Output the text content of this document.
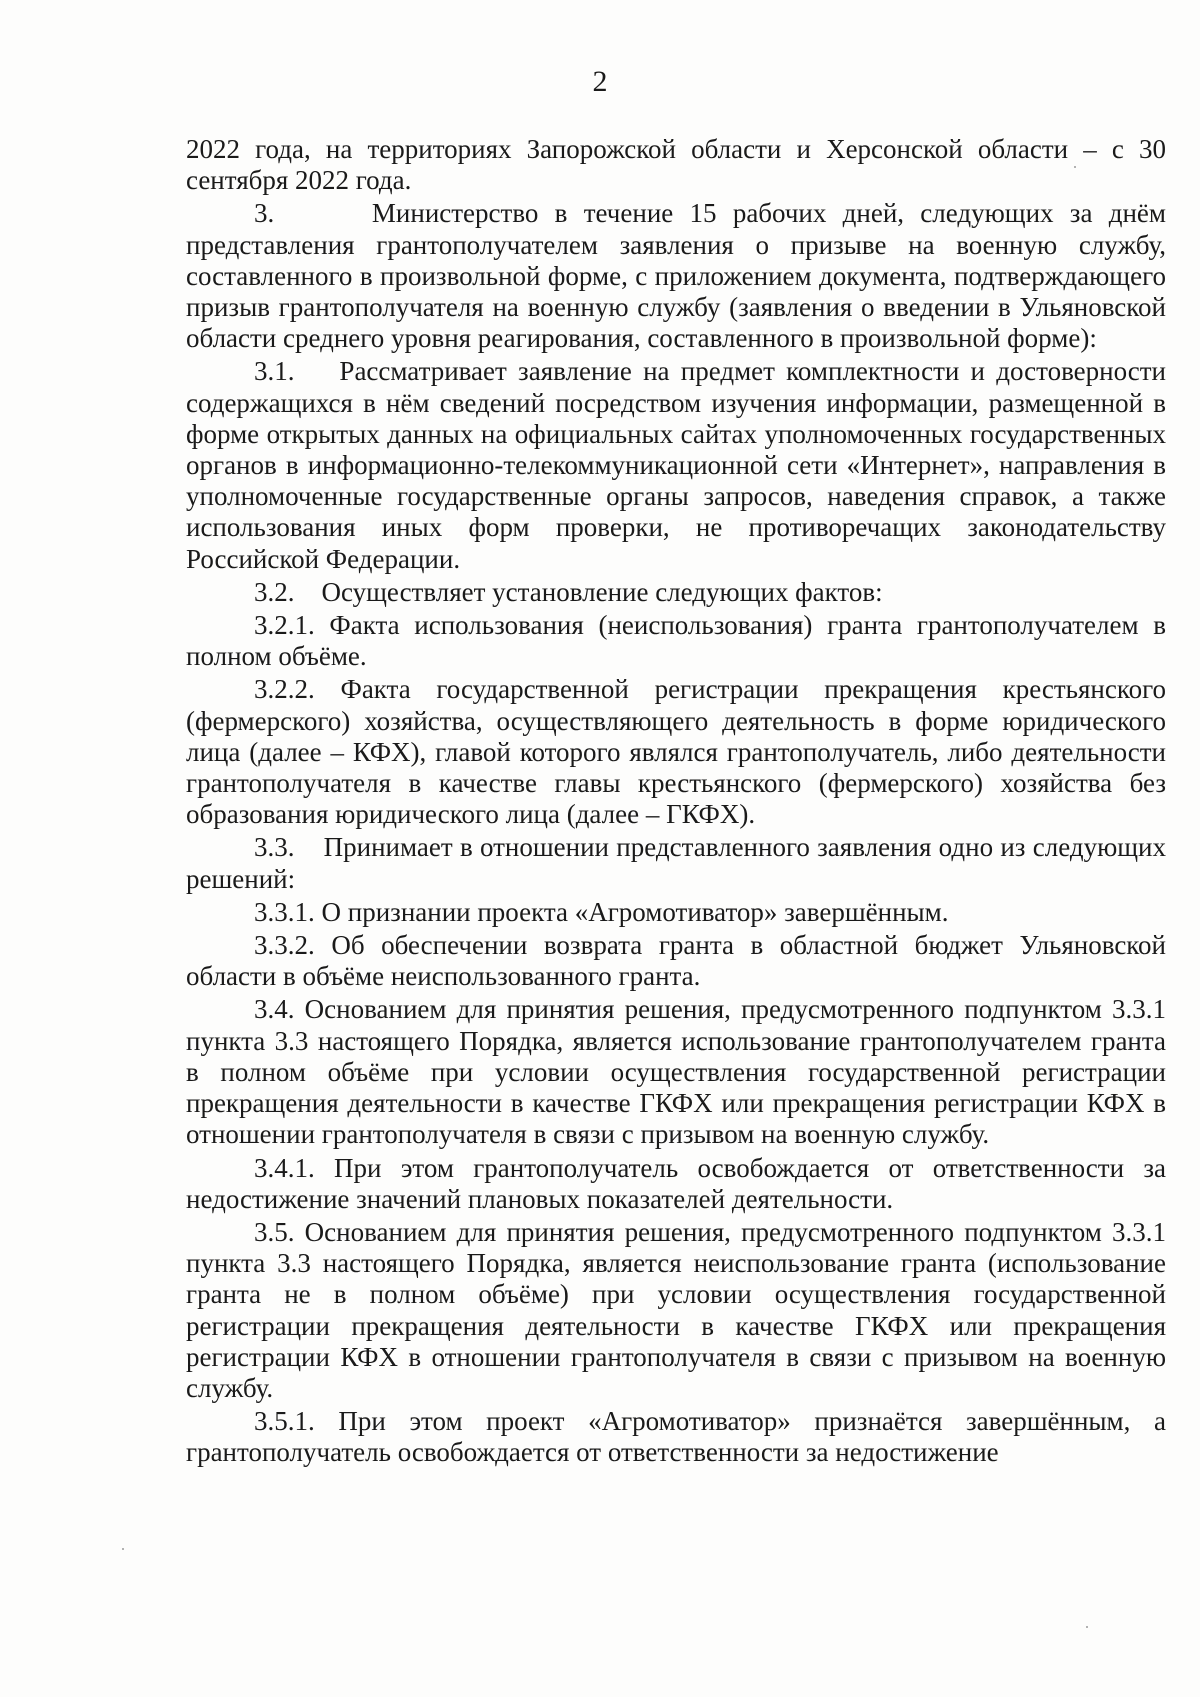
2

2022 года, на территориях Запорожской области и Херсонской области – с 30 сентября 2022 года.

3.      Министерство в течение 15 рабочих дней, следующих за днём представления грантополучателем заявления о призыве на военную службу, составленного в произвольной форме, с приложением документа, подтверждающего призыв грантополучателя на военную службу (заявления о введении в Ульяновской области среднего уровня реагирования, составленного в произвольной форме):

3.1.    Рассматривает заявление на предмет комплектности и достоверности содержащихся в нём сведений посредством изучения информации, размещенной в форме открытых данных на официальных сайтах уполномоченных государственных органов в информационно-телекоммуникационной сети «Интернет», направления в уполномоченные государственные органы запросов, наведения справок, а также использования иных форм проверки, не противоречащих законодательству Российской Федерации.

3.2.    Осуществляет установление следующих фактов:

3.2.1. Факта использования (неиспользования) гранта грантополучателем в полном объёме.

3.2.2. Факта государственной регистрации прекращения крестьянского (фермерского) хозяйства, осуществляющего деятельность в форме юридического лица (далее – КФХ), главой которого являлся грантополучатель, либо деятельности грантополучателя в качестве главы крестьянского (фермерского) хозяйства без образования юридического лица (далее – ГКФХ).

3.3.    Принимает в отношении представленного заявления одно из следующих решений:

3.3.1. О признании проекта «Агромотиватор» завершённым.

3.3.2. Об обеспечении возврата гранта в областной бюджет Ульяновской области в объёме неиспользованного гранта.

3.4. Основанием для принятия решения, предусмотренного подпунктом 3.3.1 пункта 3.3 настоящего Порядка, является использование грантополучателем гранта в полном объёме при условии осуществления государственной регистрации прекращения деятельности в качестве ГКФХ или прекращения регистрации КФХ в отношении грантополучателя в связи с призывом на военную службу.

3.4.1. При этом грантополучатель освобождается от ответственности за недостижение значений плановых показателей деятельности.

3.5. Основанием для принятия решения, предусмотренного подпунктом 3.3.1 пункта 3.3 настоящего Порядка, является неиспользование гранта (использование гранта не в полном объёме) при условии осуществления государственной регистрации прекращения деятельности в качестве ГКФХ или прекращения регистрации КФХ в отношении грантополучателя в связи с призывом на военную службу.

3.5.1. При этом проект «Агромотиватор» признаётся завершённым, а грантополучатель освобождается от ответственности за недостижение
